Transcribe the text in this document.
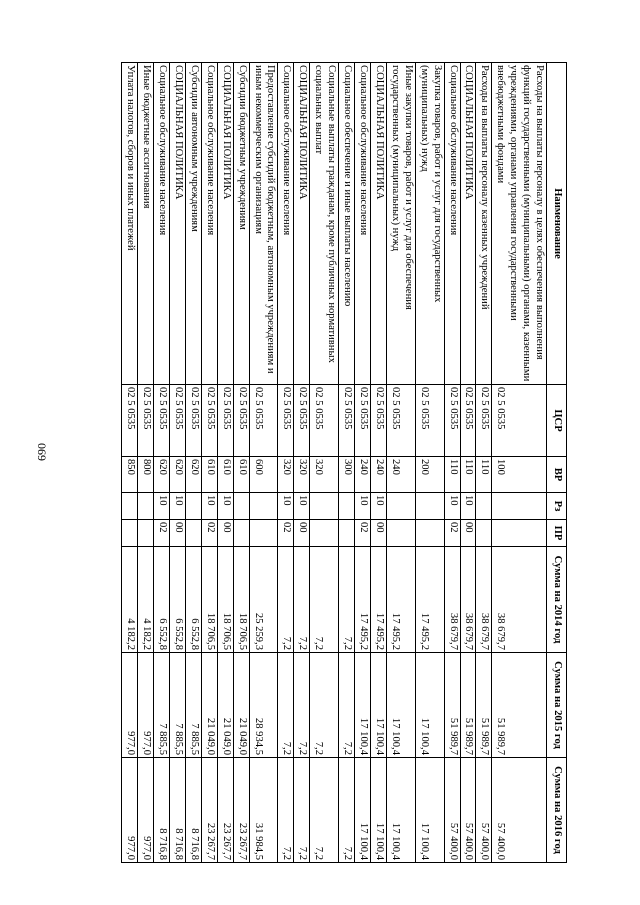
690
Наименование	ЦСР	ВР	Рз	ПР	Сумма на 2014 год	Сумма на 2015 год	Сумма на 2016 год
Расходы на выплаты персоналу в целях обеспечения выполнения функций государственными (муниципальными) органами, казенными учреждениями, органами управления государственными внебюджетными фондами	02 5 0535	100			38 679,7	51 989,7	57 400,0
Расходы на выплаты персоналу казенных учреждений	02 5 0535	110			38 679,7	51 989,7	57 400,0
СОЦИАЛЬНАЯ ПОЛИТИКА	02 5 0535	110	10	00	38 679,7	51 989,7	57 400,0
Социальное обслуживание населения	02 5 0535	110	10	02	38 679,7	51 989,7	57 400,0
Закупка товаров, работ и услуг для государственных (муниципальных) нужд	02 5 0535	200			17 495,2	17 100,4	17 100,4
Иные закупки товаров, работ и услуг для обеспечения государственных (муниципальных) нужд	02 5 0535	240			17 495,2	17 100,4	17 100,4
СОЦИАЛЬНАЯ ПОЛИТИКА	02 5 0535	240	10	00	17 495,2	17 100,4	17 100,4
Социальное обслуживание населения	02 5 0535	240	10	02	17 495,2	17 100,4	17 100,4
Социальное обеспечение и иные выплаты населению	02 5 0535	300			7,2	7,2	7,2
Социальные выплаты гражданам, кроме публичных нормативных социальных выплат	02 5 0535	320			7,2	7,2	7,2
СОЦИАЛЬНАЯ ПОЛИТИКА	02 5 0535	320	10	00	7,2	7,2	7,2
Социальное обслуживание населения	02 5 0535	320	10	02	7,2	7,2	7,2
Предоставление субсидий бюджетным, автономным учреждениям и иным некоммерческим организациям	02 5 0535	600			25 259,3	28 934,5	31 984,5
Субсидии бюджетным учреждениям	02 5 0535	610			18 706,5	21 049,0	23 267,7
СОЦИАЛЬНАЯ ПОЛИТИКА	02 5 0535	610	10	00	18 706,5	21 049,0	23 267,7
Социальное обслуживание населения	02 5 0535	610	10	02	18 706,5	21 049,0	23 267,7
Субсидии автономным учреждениям	02 5 0535	620			6 552,8	7 885,5	8 716,8
СОЦИАЛЬНАЯ ПОЛИТИКА	02 5 0535	620	10	00	6 552,8	7 885,5	8 716,8
Социальное обслуживание населения	02 5 0535	620	10	02	6 552,8	7 885,5	8 716,8
Иные бюджетные ассигнования	02 5 0535	800			4 182,2	977,0	977,0
Уплата налогов, сборов и иных платежей	02 5 0535	850			4 182,2	977,0	977,0
